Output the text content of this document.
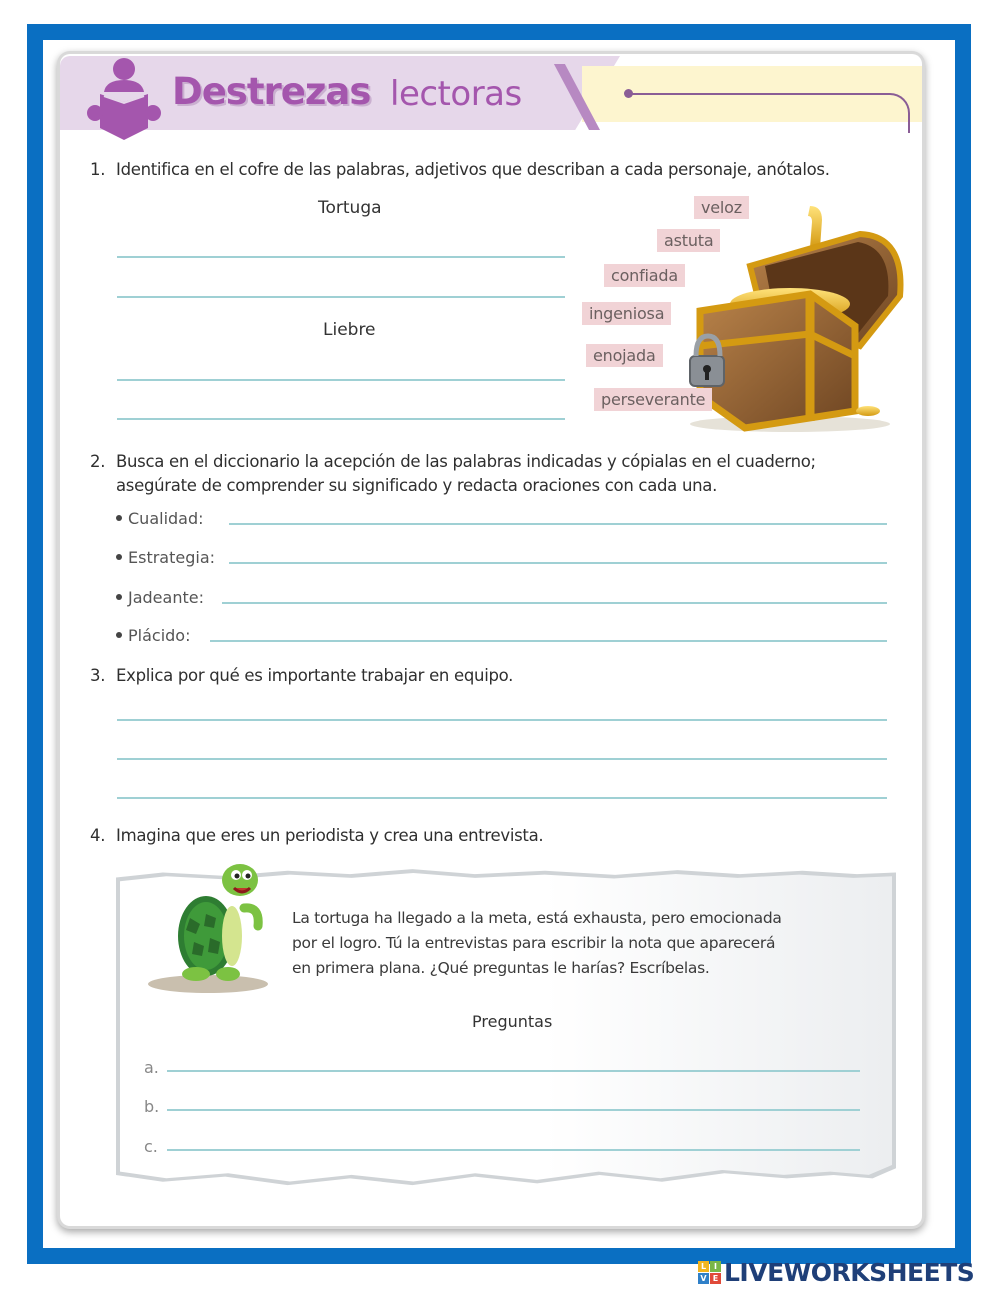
Destrezas lectoras
1. Identifica en el cofre de las palabras, adjetivos que describan a cada personaje, anótalos.
Tortuga
Liebre
veloz
astuta
confiada
ingeniosa
enojada
perseverante
2. Busca en el diccionario la acepción de las palabras indicadas y cópialas en el cuaderno;
asegúrate de comprender su significado y redacta oraciones con cada una.
Cualidad:
Estrategia:
Jadeante:
Plácido:
3. Explica por qué es importante trabajar en equipo.
4. Imagina que eres un periodista y crea una entrevista.
La tortuga ha llegado a la meta, está exhausta, pero emocionada
por el logro. Tú la entrevistas para escribir la nota que aparecerá
en primera plana. ¿Qué preguntas le harías? Escríbelas.
Preguntas
a.
b.
c.
L I
V E LIVEWORKSHEETS
